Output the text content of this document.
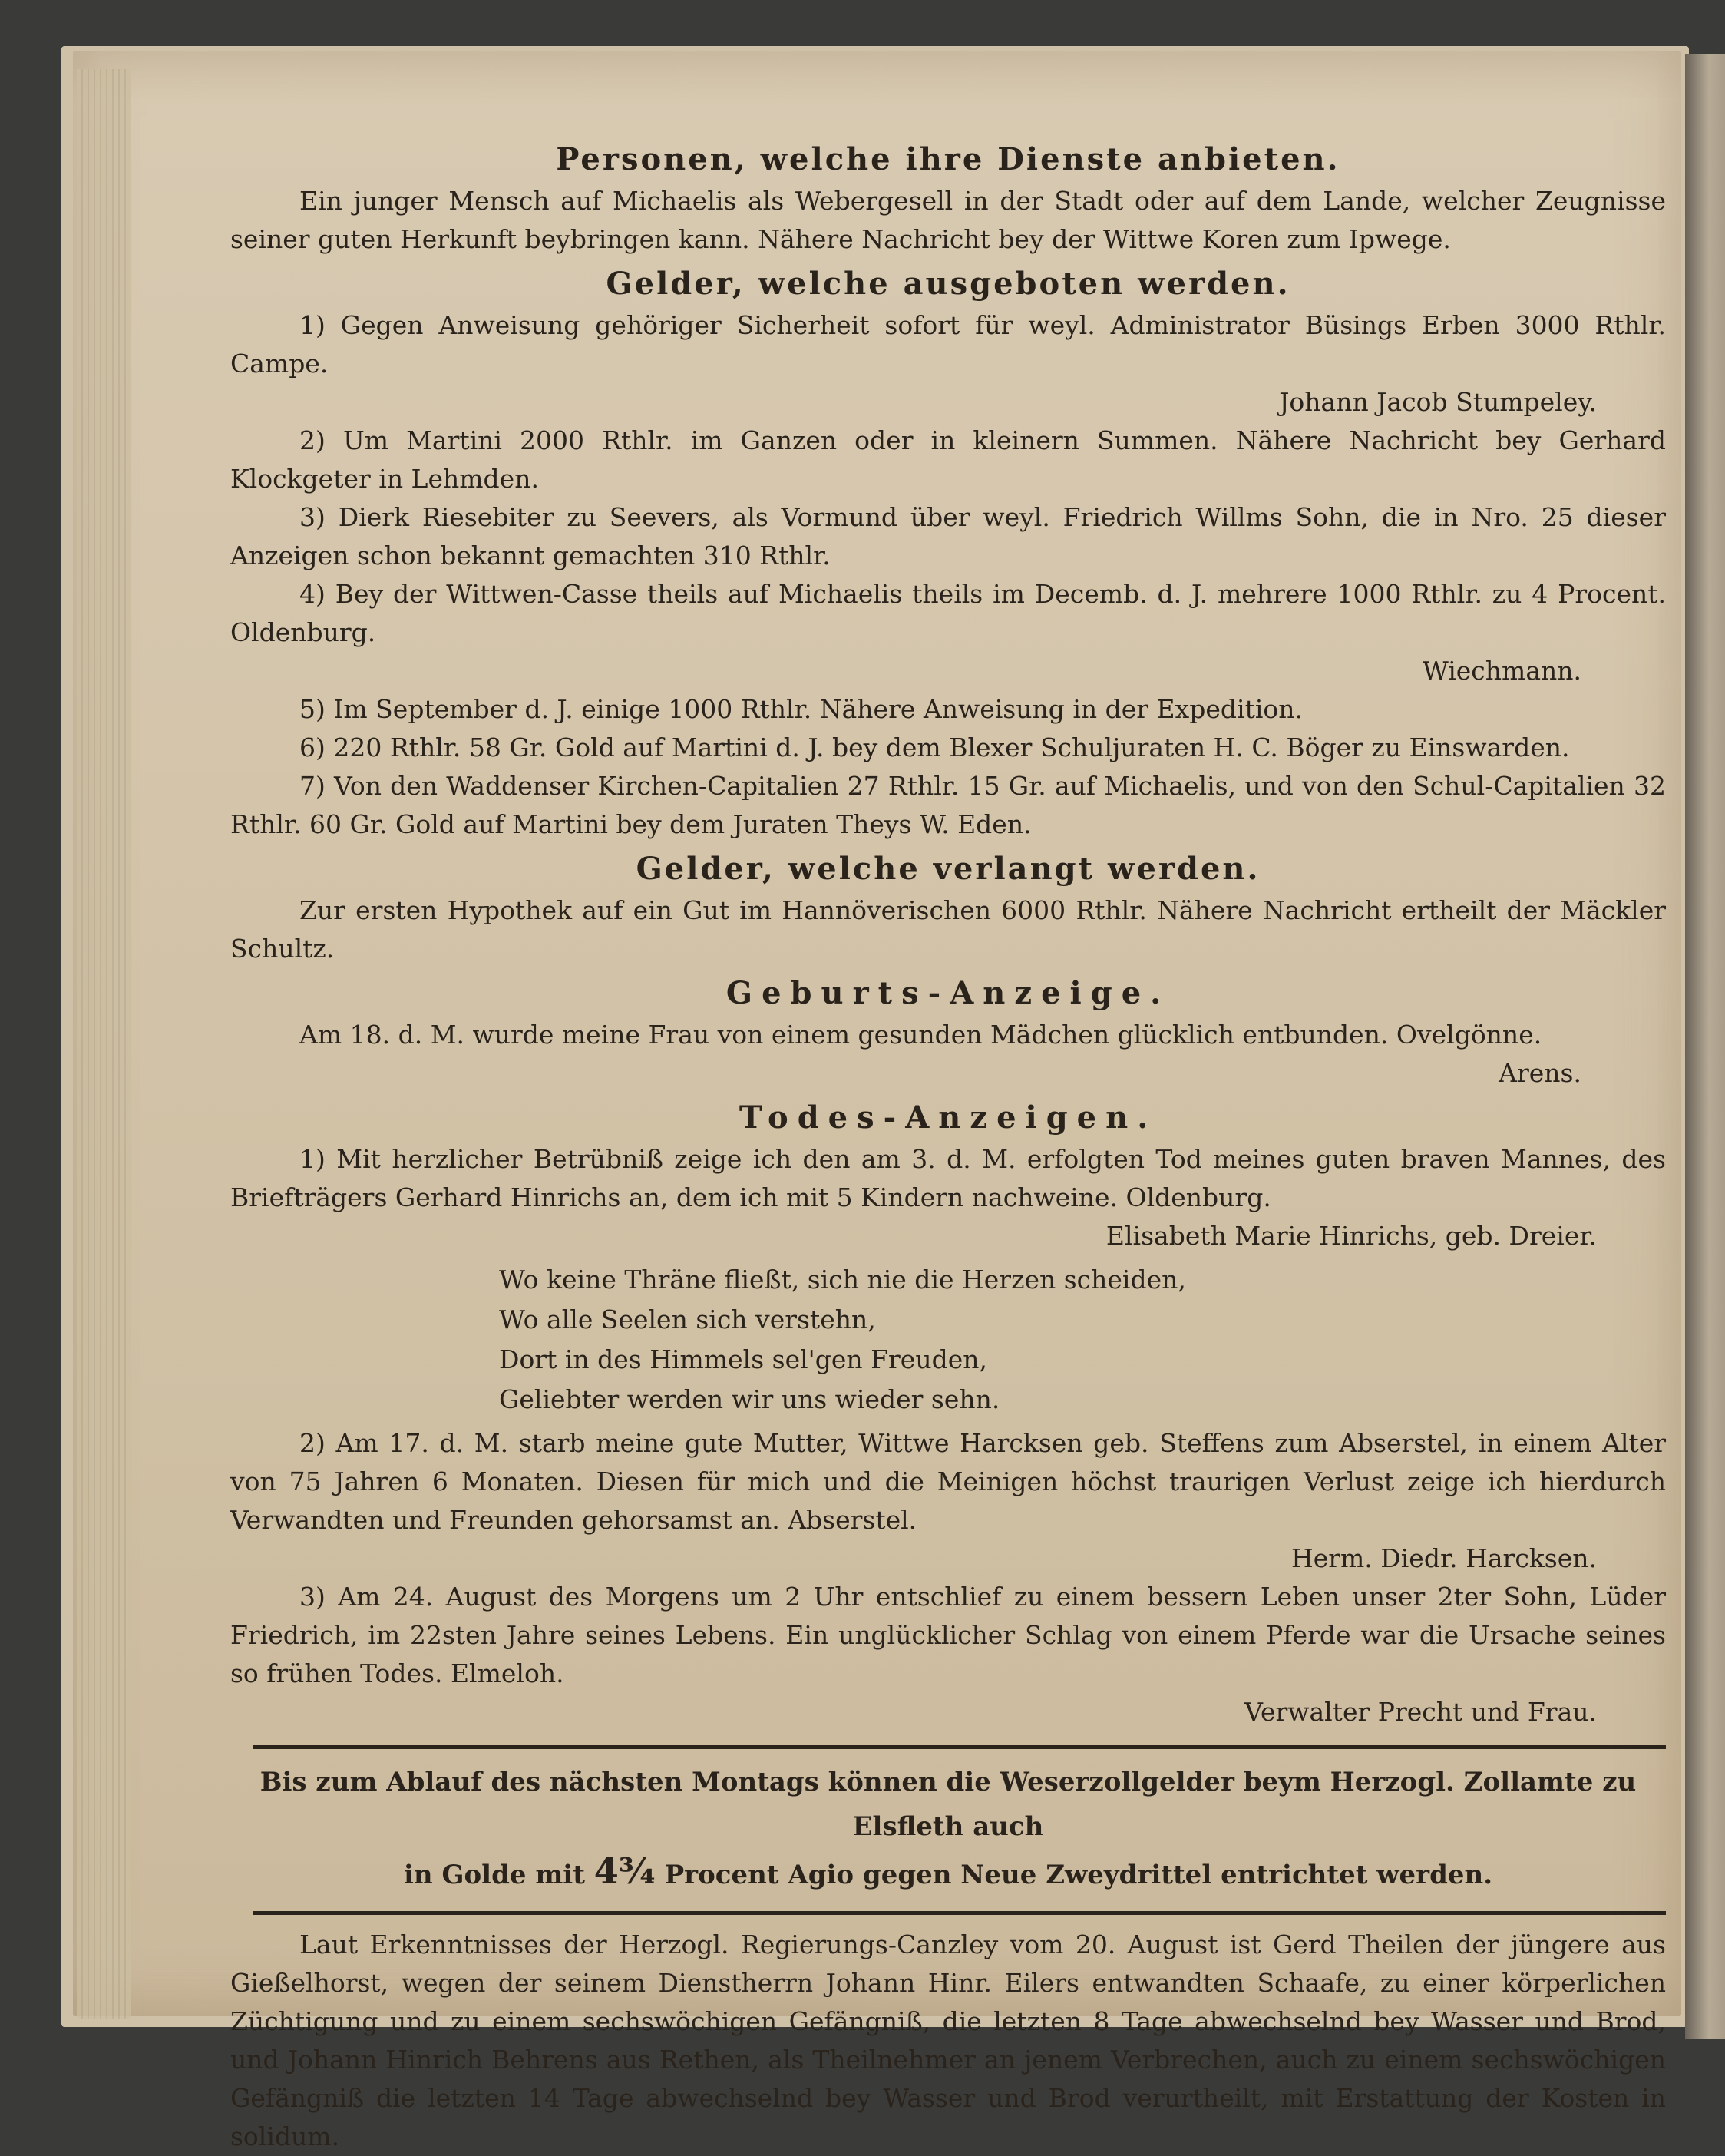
Personen, welche ihre Dienste anbieten.

Ein junger Mensch auf Michaelis als Webergesell in der Stadt oder auf dem Lande, welcher Zeugnisse seiner guten Herkunft beybringen kann. Nähere Nachricht bey der Wittwe Koren zum Ipwege.

Gelder, welche ausgeboten werden.

1) Gegen Anweisung gehöriger Sicherheit sofort für weyl. Administrator Büsings Erben 3000 Rthlr. Campe.

Johann Jacob Stumpeley.

2) Um Martini 2000 Rthlr. im Ganzen oder in kleinern Summen. Nähere Nachricht bey Gerhard Klockgeter in Lehmden.

3) Dierk Riesebiter zu Seevers, als Vormund über weyl. Friedrich Willms Sohn, die in Nro. 25 dieser Anzeigen schon bekannt gemachten 310 Rthlr.

4) Bey der Wittwen-Casse theils auf Michaelis theils im Decemb. d. J. mehrere 1000 Rthlr. zu 4 Procent. Oldenburg.

Wiechmann.

5) Im September d. J. einige 1000 Rthlr. Nähere Anweisung in der Expedition.

6) 220 Rthlr. 58 Gr. Gold auf Martini d. J. bey dem Blexer Schuljuraten H. C. Böger zu Einswarden.

7) Von den Waddenser Kirchen-Capitalien 27 Rthlr. 15 Gr. auf Michaelis, und von den Schul-Capitalien 32 Rthlr. 60 Gr. Gold auf Martini bey dem Juraten Theys W. Eden.

Gelder, welche verlangt werden.

Zur ersten Hypothek auf ein Gut im Hannöverischen 6000 Rthlr. Nähere Nachricht ertheilt der Mäckler Schultz.

Geburts-Anzeige.

Am 18. d. M. wurde meine Frau von einem gesunden Mädchen glücklich entbunden. Ovelgönne.

Arens.
Todes-Anzeigen.

1) Mit herzlicher Betrübniß zeige ich den am 3. d. M. erfolgten Tod meines guten braven Mannes, des Briefträgers Gerhard Hinrichs an, dem ich mit 5 Kindern nachweine. Oldenburg.

Elisabeth Marie Hinrichs, geb. Dreier.
Wo keine Thräne fließt, sich nie die Herzen scheiden,
Wo alle Seelen sich verstehn,
Dort in des Himmels sel'gen Freuden,
Geliebter werden wir uns wieder sehn.

2) Am 17. d. M. starb meine gute Mutter, Wittwe Harcksen geb. Steffens zum Abserstel, in einem Alter von 75 Jahren 6 Monaten. Diesen für mich und die Meinigen höchst traurigen Verlust zeige ich hierdurch Verwandten und Freunden gehorsamst an. Abserstel.

Herm. Diedr. Harcksen.

3) Am 24. August des Morgens um 2 Uhr entschlief zu einem bessern Leben unser 2ter Sohn, Lüder Friedrich, im 22sten Jahre seines Lebens. Ein unglücklicher Schlag von einem Pferde war die Ursache seines so frühen Todes. Elmeloh.

Verwalter Precht und Frau.
Bis zum Ablauf des nächsten Montags können die Weserzollgelder beym Herzogl. Zollamte zu Elsfleth auch
in Golde mit 4¾ Procent Agio gegen Neue Zweydrittel entrichtet werden.

Laut Erkenntnisses der Herzogl. Regierungs-Canzley vom 20. August ist Gerd Theilen der jüngere aus Gießelhorst, wegen der seinem Dienstherrn Johann Hinr. Eilers entwandten Schaafe, zu einer körperlichen Züchtigung und zu einem sechswöchigen Gefängniß, die letzten 8 Tage abwechselnd bey Wasser und Brod, und Johann Hinrich Behrens aus Rethen, als Theilnehmer an jenem Verbrechen, auch zu einem sechswöchigen Gefängniß die letzten 14 Tage abwechselnd bey Wasser und Brod verurtheilt, mit Erstattung der Kosten in solidum.
